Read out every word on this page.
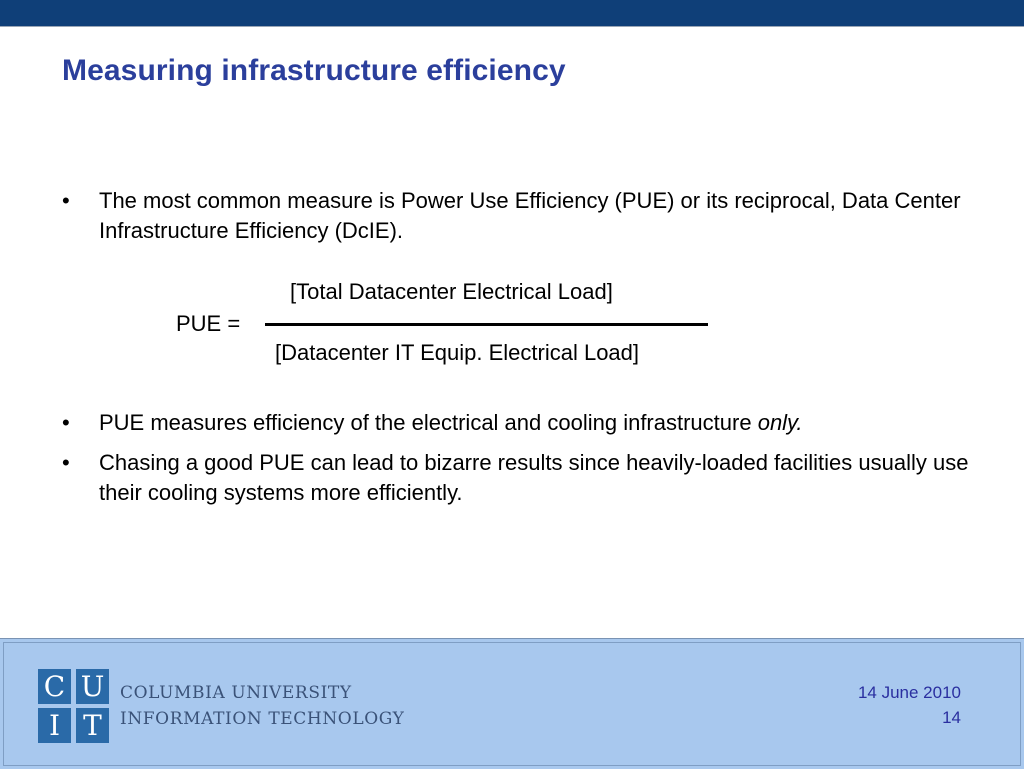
Measuring infrastructure efficiency
• The most common measure is Power Use Efficiency (PUE) or its reciprocal, Data Center Infrastructure Efficiency (DcIE).
[Total Datacenter Electrical Load]
PUE =
[Datacenter IT Equip. Electrical Load]
• PUE measures efficiency of the electrical and cooling infrastructure only.
• Chasing a good PUE can lead to bizarre results since heavily-loaded facilities usually use their cooling systems more efficiently.
C U
I T
COLUMBIA UNIVERSITY
INFORMATION TECHNOLOGY
14 June 2010
14
